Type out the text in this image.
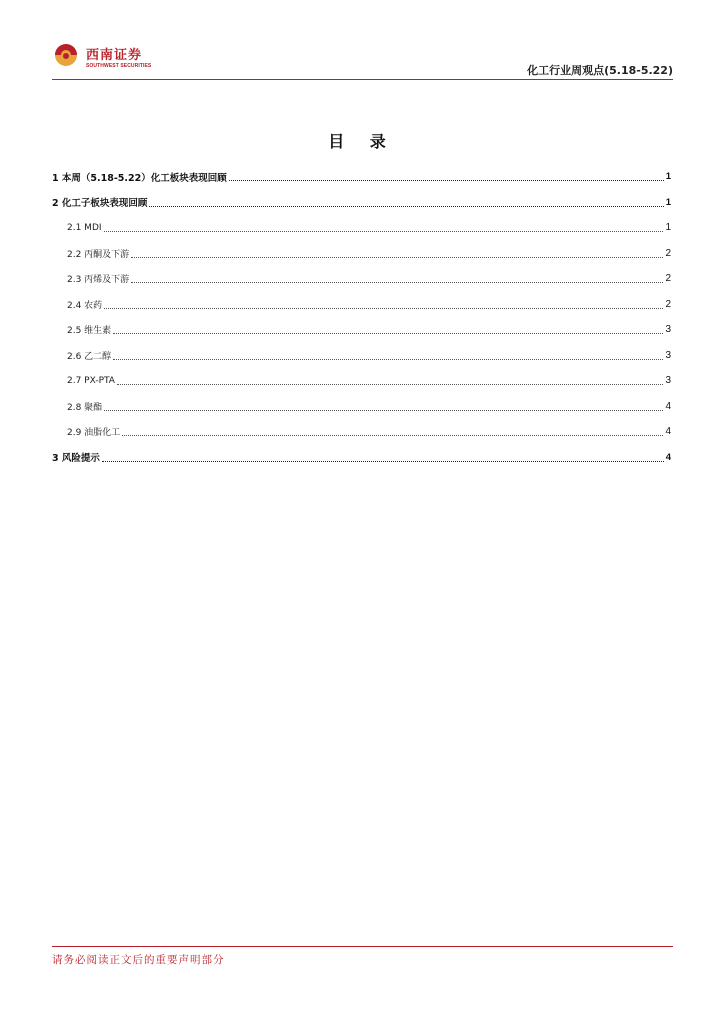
西南证券
SOUTHWEST SECURITIES	化工行业周观点(5.18-5.22)
目 录
1 本周（5.18-5.22）化工板块表现回顾	1
2 化工子板块表现回顾	1
2.1 MDI	1
2.2 丙酮及下游	2
2.3 丙烯及下游	2
2.4 农药	2
2.5 维生素	3
2.6 乙二醇	3
2.7 PX-PTA	3
2.8 聚酯	4
2.9 油脂化工	4
3 风险提示	4
请务必阅读正文后的重要声明部分
